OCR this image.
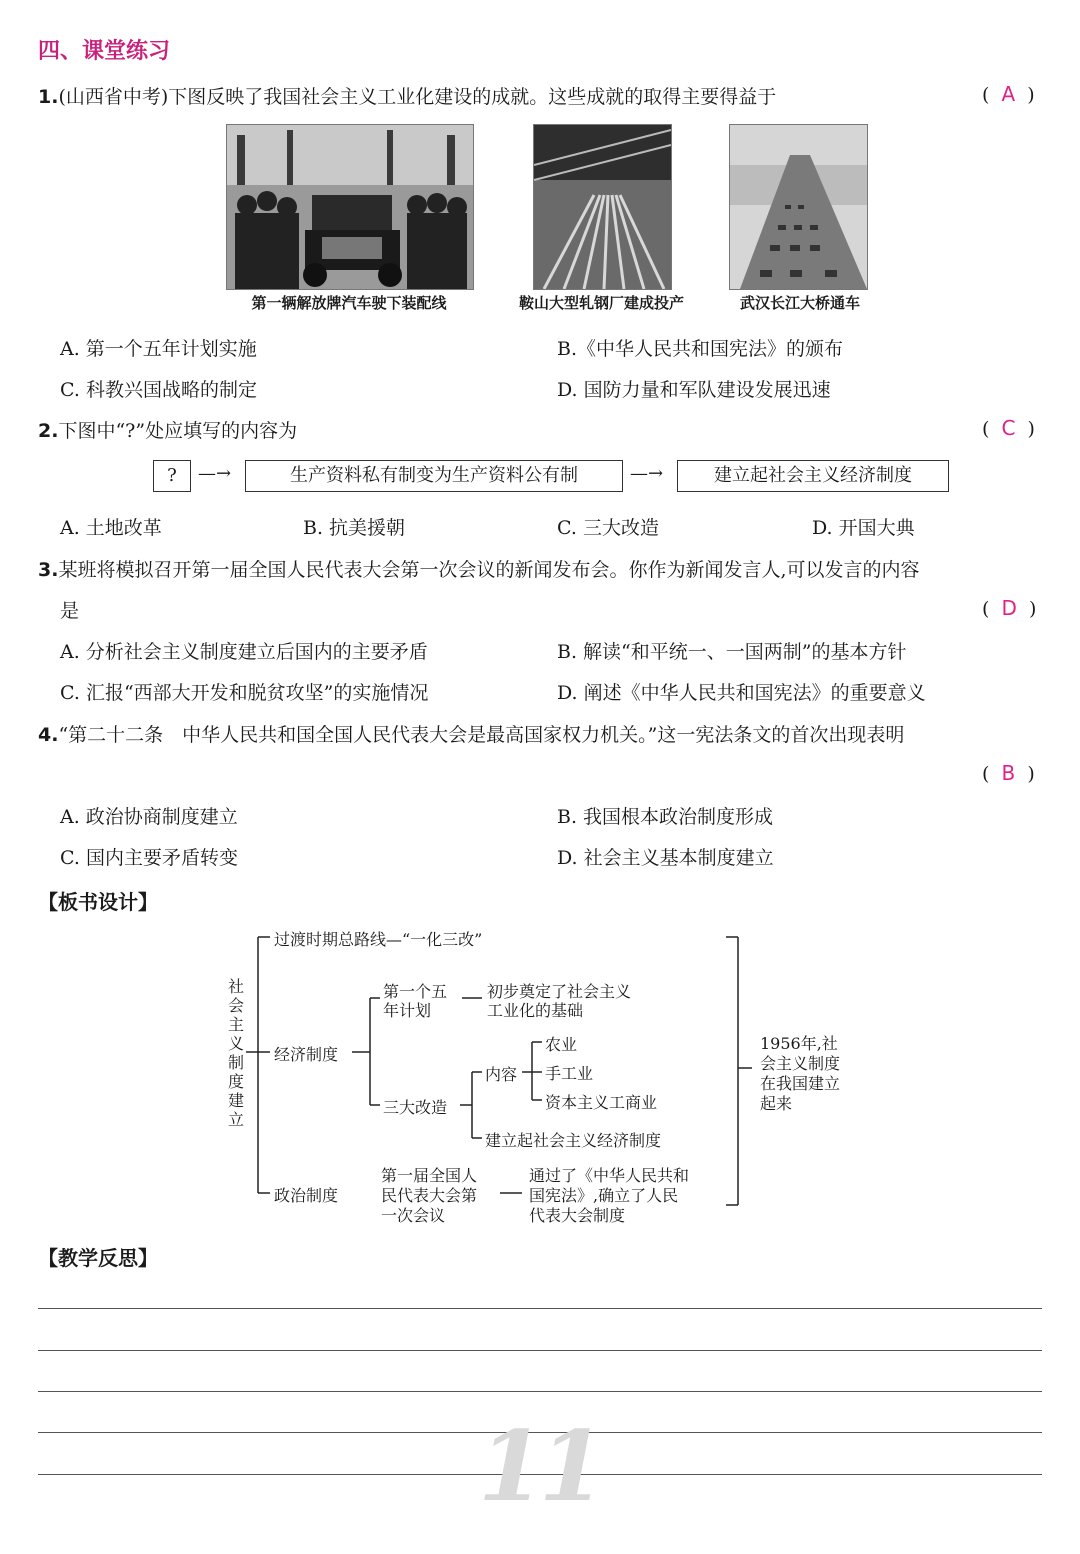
四、课堂练习
1.(山西省中考)下图反映了我国社会主义工业化建设的成就。这些成就的取得主要得益于	(  A  )
第一辆解放牌汽车驶下装配线	鞍山大型轧钢厂建成投产	武汉长江大桥通车
A. 第一个五年计划实施	B.《中华人民共和国宪法》的颁布
C. 科教兴国战略的制定	D. 国防力量和军队建设发展迅速
2.下图中“?”处应填写的内容为	(  C  )
?	—→	生产资料私有制变为生产资料公有制	—→	建立起社会主义经济制度
A. 土地改革	B. 抗美援朝	C. 三大改造	D. 开国大典
3.某班将模拟召开第一届全国人民代表大会第一次会议的新闻发布会。你作为新闻发言人,可以发言的内容
是	(  D  )
A. 分析社会主义制度建立后国内的主要矛盾	B. 解读“和平统一、一国两制”的基本方针
C. 汇报“西部大开发和脱贫攻坚”的实施情况	D. 阐述《中华人民共和国宪法》的重要意义
4.“第二十二条　中华人民共和国全国人民代表大会是最高国家权力机关。”这一宪法条文的首次出现表明
(  B  )
A. 政治协商制度建立	B. 我国根本政治制度形成
C. 国内主要矛盾转变	D. 社会主义基本制度建立
【板书设计】
社会主义制度建立
过渡时期总路线—“一化三改”
经济制度
第一个五
年计划
初步奠定了社会主义
工业化的基础
三大改造
内容
农业
手工业
资本主义工商业
建立起社会主义经济制度
政治制度
第一届全国人
民代表大会第
一次会议
通过了《中华人民共和
国宪法》,确立了人民
代表大会制度
1956年,社
会主义制度
在我国建立
起来
【教学反思】
11
